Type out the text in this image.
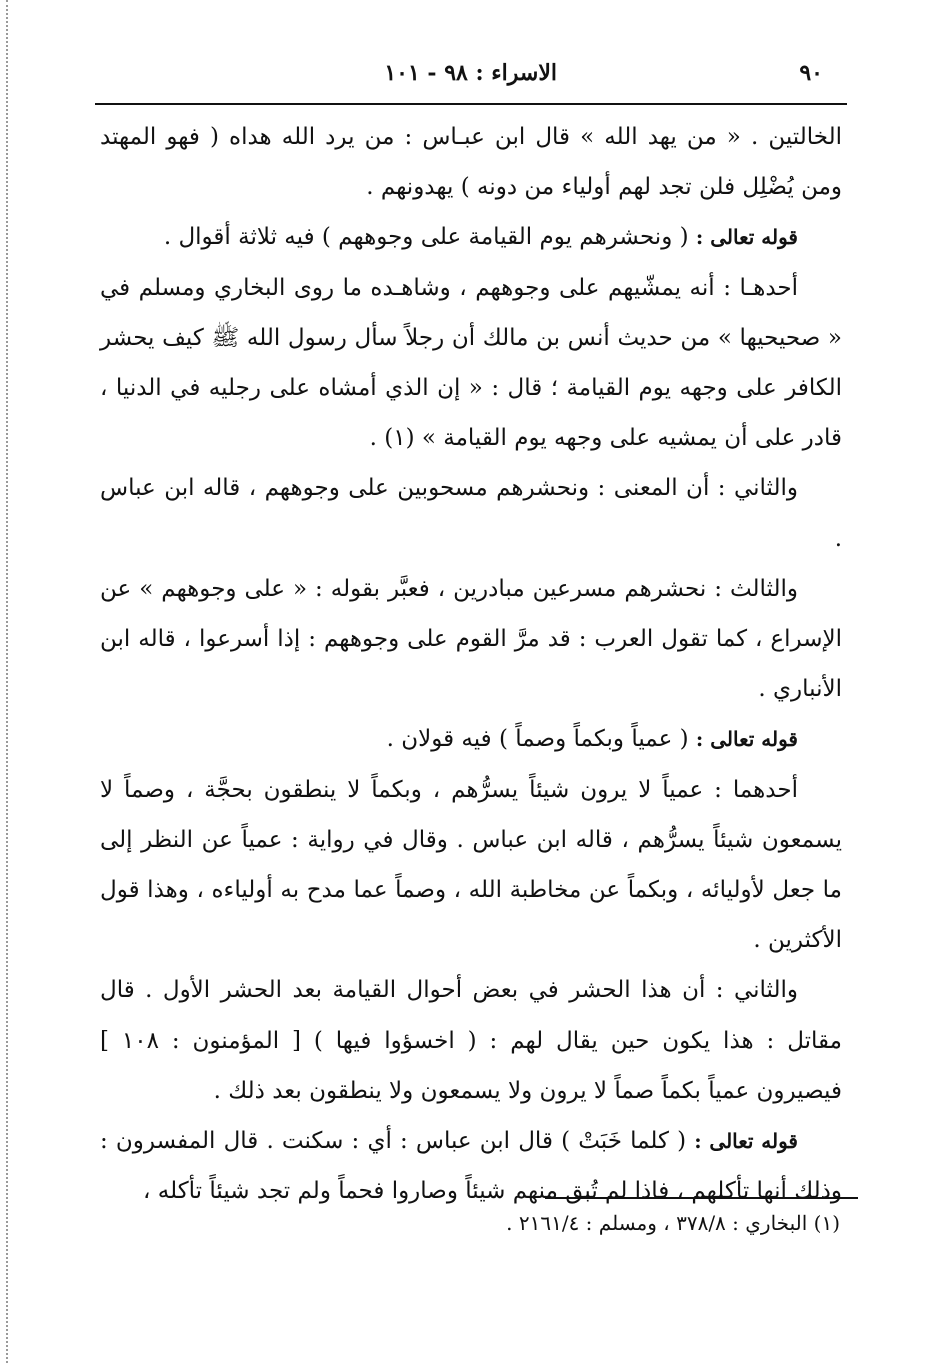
٩٠
الاسراء : ٩٨ - ١٠١

الخالتين . « من يهد الله » قال ابن عبـاس : من يرد الله هداه ( فهو المهتد ومن يُضْلِل فلن تجد لهم أولياء من دونه ) يهدونهم .

قوله تعالى : ( ونحشرهم يوم القيامة على وجوههم ) فيه ثلاثة أقوال .

أحدهـا : أنه يمشّيهم على وجوههم ، وشاهـده ما روى البخاري ومسلم في « صحيحيها » من حديث أنس بن مالك أن رجلاً سأل رسول الله ﷺ كيف يحشر الكافر على وجهه يوم القيامة ؛ قال : « إن الذي أمشاه على رجليه في الدنيا ، قادر على أن يمشيه على وجهه يوم القيامة » (١) .

والثاني : أن المعنى : ونحشرهم مسحوبين على وجوههم ، قاله ابن عباس .

والثالث : نحشرهم مسرعين مبادرين ، فعبَّر بقوله : « على وجوههم » عن الإسراع ، كما تقول العرب : قد مرَّ القوم على وجوههم : إذا أسرعوا ، قاله ابن الأنباري .

قوله تعالى : ( عمياً وبكماً وصماً ) فيه قولان .

أحدهما : عمياً لا يرون شيئاً يسرُّهم ، وبكماً لا ينطقون بحجَّة ، وصماً لا يسمعون شيئاً يسرُّهم ، قاله ابن عباس . وقال في رواية : عمياً عن النظر إلى ما جعل لأوليائه ، وبكماً عن مخاطبة الله ، وصماً عما مدح به أولياءه ، وهذا قول الأكثرين .

والثاني : أن هذا الحشر في بعض أحوال القيامة بعد الحشر الأول . قال مقاتل : هذا يكون حين يقال لهم : ( اخسؤوا فيها ) [ المؤمنون : ١٠٨ ] فيصيرون عمياً بكماً صماً لا يرون ولا يسمعون ولا ينطقون بعد ذلك .

قوله تعالى : ( كلما خَبَتْ ) قال ابن عباس : أي : سكنت . قال المفسرون : وذلك أنها تأكلهم ، فاذا لم تُبق منهم شيئاً وصاروا فحماً ولم تجد شيئاً تأكله ،

(١) البخاري : ٣٧٨/٨ ، ومسلم : ٢١٦١/٤ .
